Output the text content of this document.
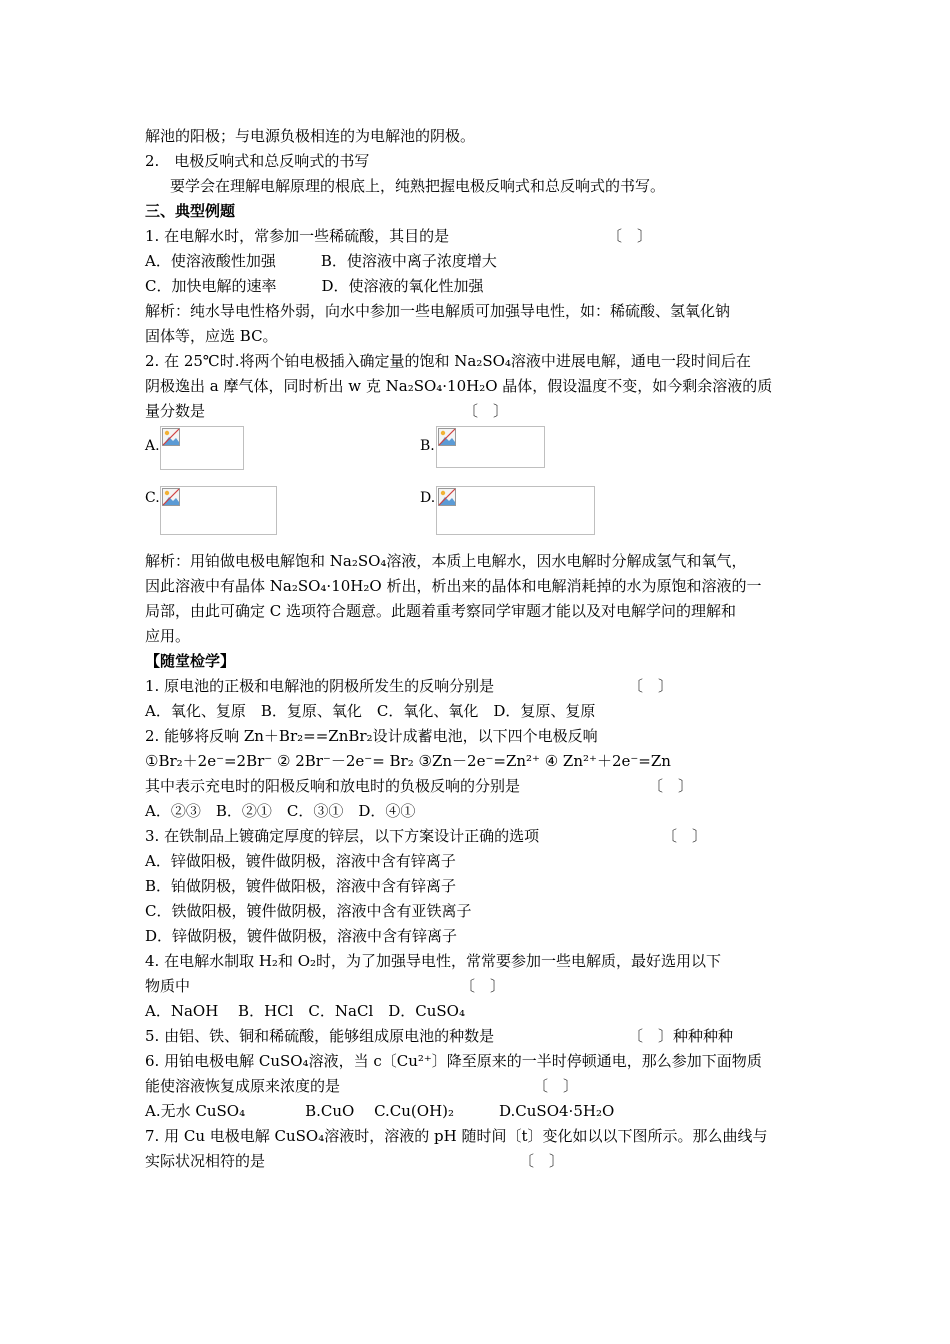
解池的阳极；与电源负极相连的为电解池的阴极。
2.　电极反响式和总反响式的书写
要学会在理解电解原理的根底上，纯熟把握电极反响式和总反响式的书写。
三、典型例题
1. 在电解水时，常参加一些稀硫酸，其目的是	〔　〕
A．使溶液酸性加强　　　B．使溶液中离子浓度增大
C．加快电解的速率　　　D．使溶液的氧化性加强
解析：纯水导电性格外弱，向水中参加一些电解质可加强导电性，如：稀硫酸、氢氧化钠
固体等，应选 BC。
2. 在 25℃时.将两个铂电极插入确定量的饱和 Na₂SO₄溶液中进展电解，通电一段时间后在
阴极逸出 a 摩气体，同时析出 w 克 Na₂SO₄·10H₂O 晶体，假设温度不变，如今剩余溶液的质
量分数是	〔　〕
A.	B.
C.	D.
解析：用铂做电极电解饱和 Na₂SO₄溶液，本质上电解水，因水电解时分解成氢气和氧气，
因此溶液中有晶体 Na₂SO₄·10H₂O 析出，析出来的晶体和电解消耗掉的水为原饱和溶液的一
局部，由此可确定 C 选项符合题意。此题着重考察同学审题才能以及对电解学问的理解和
应用。
【随堂检学】
1. 原电池的正极和电解池的阴极所发生的反响分别是	〔　〕
A．氧化、复原　B．复原、氧化　C．氧化、氧化　D．复原、复原
2. 能够将反响 Zn＋Br₂==ZnBr₂设计成蓄电池，以下四个电极反响
①Br₂＋2e⁻=2Br⁻ ② 2Br⁻－2e⁻= Br₂ ③Zn－2e⁻=Zn²⁺ ④ Zn²⁺＋2e⁻=Zn
其中表示充电时的阳极反响和放电时的负极反响的分别是	〔　〕
A．②③　B．②①　C．③①　D．④①
3. 在铁制品上镀确定厚度的锌层，以下方案设计正确的选项	〔　〕
A．锌做阳极，镀件做阴极，溶液中含有锌离子
B．铂做阴极，镀件做阳极，溶液中含有锌离子
C．铁做阳极，镀件做阴极，溶液中含有亚铁离子
D．锌做阴极，镀件做阴极，溶液中含有锌离子
4. 在电解水制取 H₂和 O₂时，为了加强导电性，常常要参加一些电解质，最好选用以下
物质中	〔　〕
A．NaOH　 B．HCl　C．NaCl　D．CuSO₄
5. 由铝、铁、铜和稀硫酸，能够组成原电池的种数是	〔　〕种种种种
6. 用铂电极电解 CuSO₄溶液，当 c〔Cu²⁺〕降至原来的一半时停顿通电，那么参加下面物质
能使溶液恢复成原来浓度的是	〔　〕
A.无水 CuSO₄　　　　B.CuO　 C.Cu(OH)₂　　　D.CuSO4·5H₂O
7. 用 Cu 电极电解 CuSO₄溶液时，溶液的 pH 随时间〔t〕变化如以以下图所示。那么曲线与
实际状况相符的是	〔　〕
